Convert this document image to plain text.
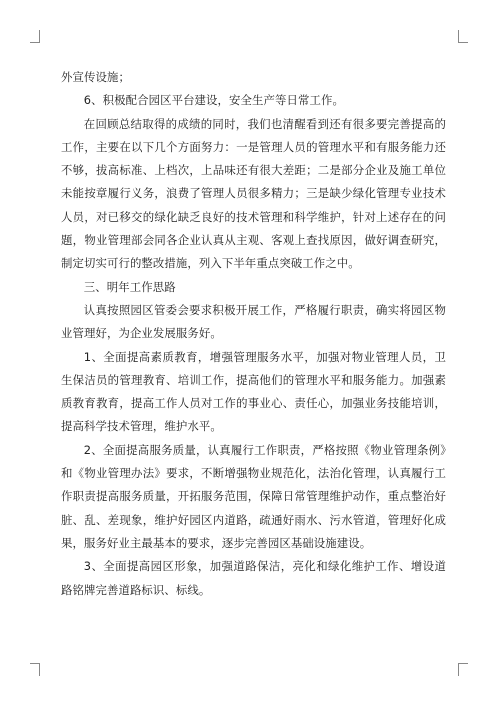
外宣传设施；

6、积极配合园区平台建设，安全生产等日常工作。

在回顾总结取得的成绩的同时，我们也清醒看到还有很多要完善提高的工作，主要在以下几个方面努力：一是管理人员的管理水平和有服务能力还不够，拔高标准、上档次，上品味还有很大差距；二是部分企业及施工单位未能按章履行义务，浪费了管理人员很多精力；三是缺少绿化管理专业技术人员，对已移交的绿化缺乏良好的技术管理和科学维护，针对上述存在的问题，物业管理部会同各企业认真从主观、客观上查找原因，做好调查研究，制定切实可行的整改措施，列入下半年重点突破工作之中。

三、明年工作思路

认真按照园区管委会要求积极开展工作，严格履行职责，确实将园区物业管理好，为企业发展服务好。

1、全面提高素质教育，增强管理服务水平，加强对物业管理人员，卫生保洁员的管理教育、培训工作，提高他们的管理水平和服务能力。加强素质教育教育，提高工作人员对工作的事业心、责任心，加强业务技能培训，提高科学技术管理，维护水平。

2、全面提高服务质量，认真履行工作职责，严格按照《物业管理条例》和《物业管理办法》要求，不断增强物业规范化，法治化管理，认真履行工作职责提高服务质量，开拓服务范围，保障日常管理维护动作，重点整治好脏、乱、差现象，维护好园区内道路，疏通好雨水、污水管道，管理好化成果，服务好业主最基本的要求，逐步完善园区基础设施建设。

3、全面提高园区形象，加强道路保洁，亮化和绿化维护工作、增设道路铭牌完善道路标识、标线。
